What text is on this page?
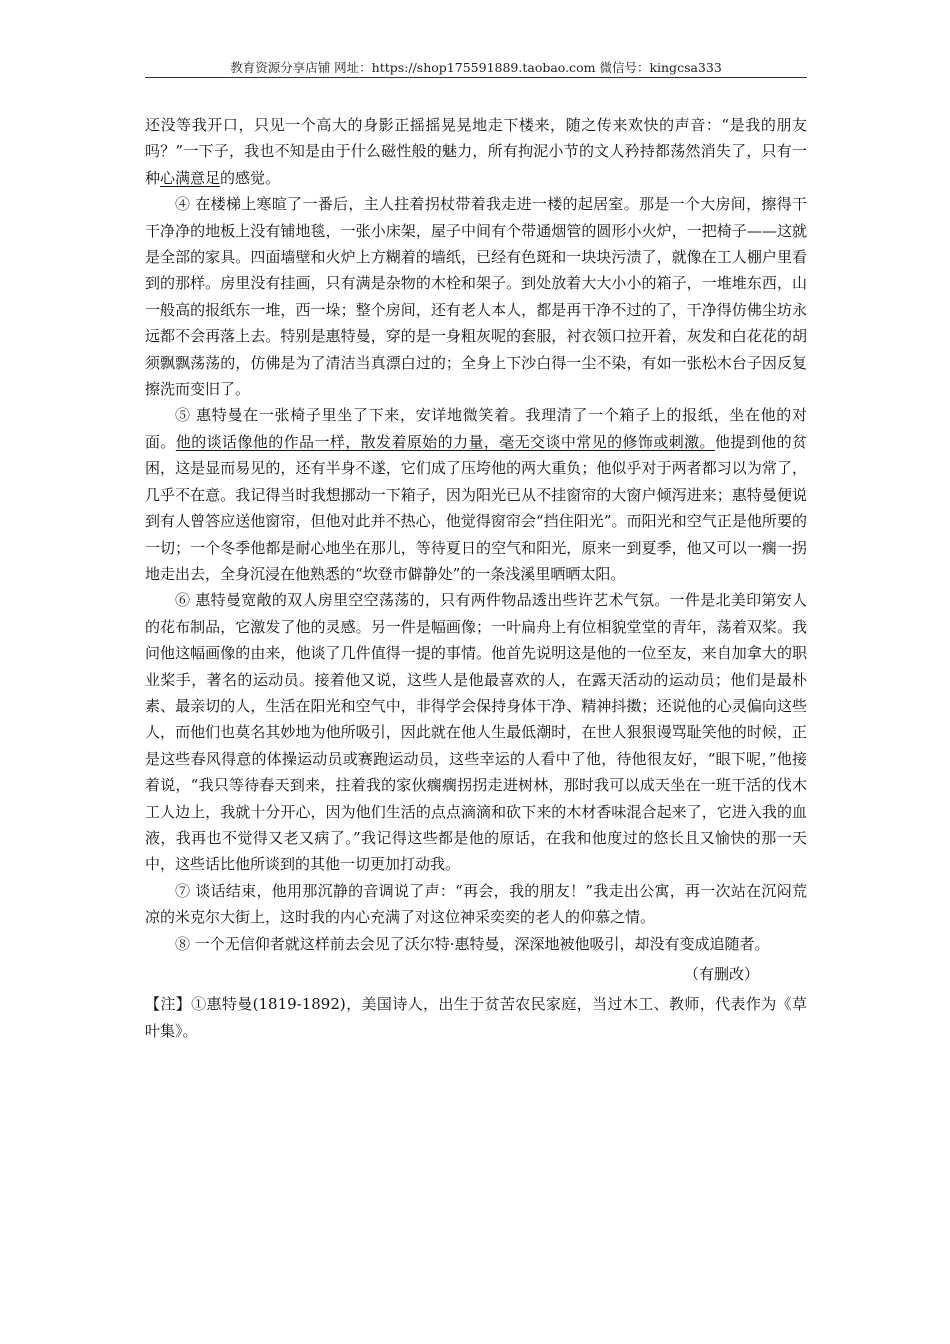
教育资源分享店铺 网址：https://shop175591889.taobao.com 微信号：kingcsa333

还没等我开口，只见一个高大的身影正摇摇晃晃地走下楼来，随之传来欢快的声音：“是我的朋友吗？”一下子，我也不知是由于什么磁性般的魅力，所有拘泥小节的文人矜持都荡然消失了，只有一种心满意足的感觉。

④ 在楼梯上寒暄了一番后，主人拄着拐杖带着我走进一楼的起居室。那是一个大房间，擦得干干净净的地板上没有铺地毯，一张小床架，屋子中间有个带通烟管的圆形小火炉，一把椅子——这就是全部的家具。四面墙壁和火炉上方糊着的墙纸，已经有色斑和一块块污渍了，就像在工人棚户里看到的那样。房里没有挂画，只有满是杂物的木栓和架子。到处放着大大小小的箱子，一堆堆东西，山一般高的报纸东一堆，西一垛；整个房间，还有老人本人，都是再干净不过的了，干净得仿佛尘坊永远都不会再落上去。特别是惠特曼，穿的是一身粗灰呢的套服，衬衣领口拉开着，灰发和白花花的胡须飘飘荡荡的，仿佛是为了清洁当真漂白过的；全身上下沙白得一尘不染，有如一张松木台子因反复擦洗而变旧了。

⑤ 惠特曼在一张椅子里坐了下来，安详地微笑着。我理清了一个箱子上的报纸，坐在他的对面。他的谈话像他的作品一样，散发着原始的力量，毫无交谈中常见的修饰或刺激。他提到他的贫困，这是显而易见的，还有半身不遂，它们成了压垮他的两大重负；他似乎对于两者都习以为常了，几乎不在意。我记得当时我想挪动一下箱子，因为阳光已从不挂窗帘的大窗户倾泻进来；惠特曼便说到有人曾答应送他窗帘，但他对此并不热心，他觉得窗帘会“挡住阳光”。而阳光和空气正是他所要的一切；一个冬季他都是耐心地坐在那儿，等待夏日的空气和阳光，原来一到夏季，他又可以一瘸一拐地走出去，全身沉浸在他熟悉的“坎登市僻静处”的一条浅溪里晒晒太阳。

⑥ 惠特曼宽敞的双人房里空空荡荡的，只有两件物品透出些许艺术气氛。一件是北美印第安人的花布制品，它激发了他的灵感。另一件是幅画像；一叶扁舟上有位相貌堂堂的青年，荡着双桨。我问他这幅画像的由来，他谈了几件值得一提的事情。他首先说明这是他的一位至友，来自加拿大的职业桨手，著名的运动员。接着他又说，这些人是他最喜欢的人，在露天活动的运动员；他们是最朴素、最亲切的人，生活在阳光和空气中，非得学会保持身体干净、精神抖擞；还说他的心灵偏向这些人，而他们也莫名其妙地为他所吸引，因此就在他人生最低潮时，在世人狠狠谩骂耻笑他的时候，正是这些春风得意的体操运动员或赛跑运动员，这些幸运的人看中了他，待他很友好，“眼下呢，”他接着说，“我只等待春天到来，拄着我的家伙瘸瘸拐拐走进树林，那时我可以成天坐在一班干活的伐木工人边上，我就十分开心，因为他们生活的点点滴滴和砍下来的木材香味混合起来了，它进入我的血液，我再也不觉得又老又病了。”我记得这些都是他的原话，在我和他度过的悠长且又愉快的那一天中，这些话比他所谈到的其他一切更加打动我。

⑦ 谈话结束，他用那沉静的音调说了声：“再会，我的朋友！”我走出公寓，再一次站在沉闷荒凉的米克尔大街上，这时我的内心充满了对这位神采奕奕的老人的仰慕之情。

⑧ 一个无信仰者就这样前去会见了沃尔特·惠特曼，深深地被他吸引，却没有变成追随者。

（有删改）

【注】①惠特曼(1819-1892)，美国诗人，出生于贫苦农民家庭，当过木工、教师，代表作为《草叶集》。
